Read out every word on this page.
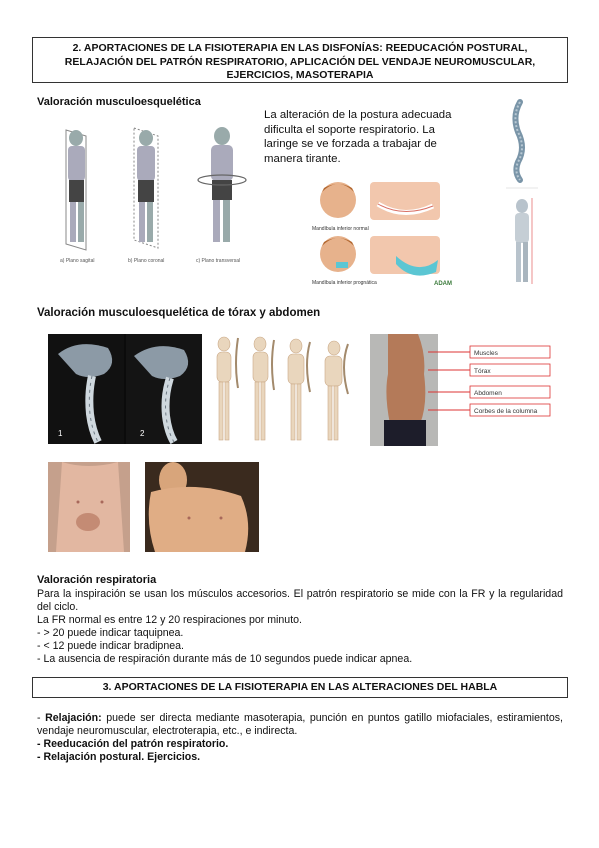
2. APORTACIONES DE LA FISIOTERAPIA EN LAS DISFONÍAS: REEDUCACIÓN POSTURAL, RELAJACIÓN DEL PATRÓN RESPIRATORIO, APLICACIÓN DEL VENDAJE NEUROMUSCULAR, EJERCICIOS, MASOTERAPIA
Valoración musculoesquelética
a) Plano sagital	b) Plano coronal	c) Plano transversal
La alteración de la postura adecuada dificulta el soporte respiratorio. La laringe se ve forzada a trabajar de manera tirante.
Mandíbula inferior normal
Mandíbula inferior prognática	ADAM
Valoración musculoesquelética de tórax y abdomen
1	2
Muscles
Tórax
Abdomen
Corbes de la columna
Valoración respiratoria
Para la inspiración se usan los músculos accesorios. El patrón respiratorio se mide con la FR y la regularidad del ciclo.
La FR normal es entre 12 y 20 respiraciones por minuto.
- > 20 puede indicar taquipnea.
- < 12 puede indicar bradipnea.
- La ausencia de respiración durante más de 10 segundos puede indicar apnea.
3. APORTACIONES DE LA FISIOTERAPIA EN LAS ALTERACIONES DEL HABLA
- Relajación: puede ser directa mediante masoterapia, punción en puntos gatillo miofaciales, estiramientos, vendaje neuromuscular, electroterapia, etc., e indirecta.
- Reeducación del patrón respiratorio.
- Relajación postural. Ejercicios.
